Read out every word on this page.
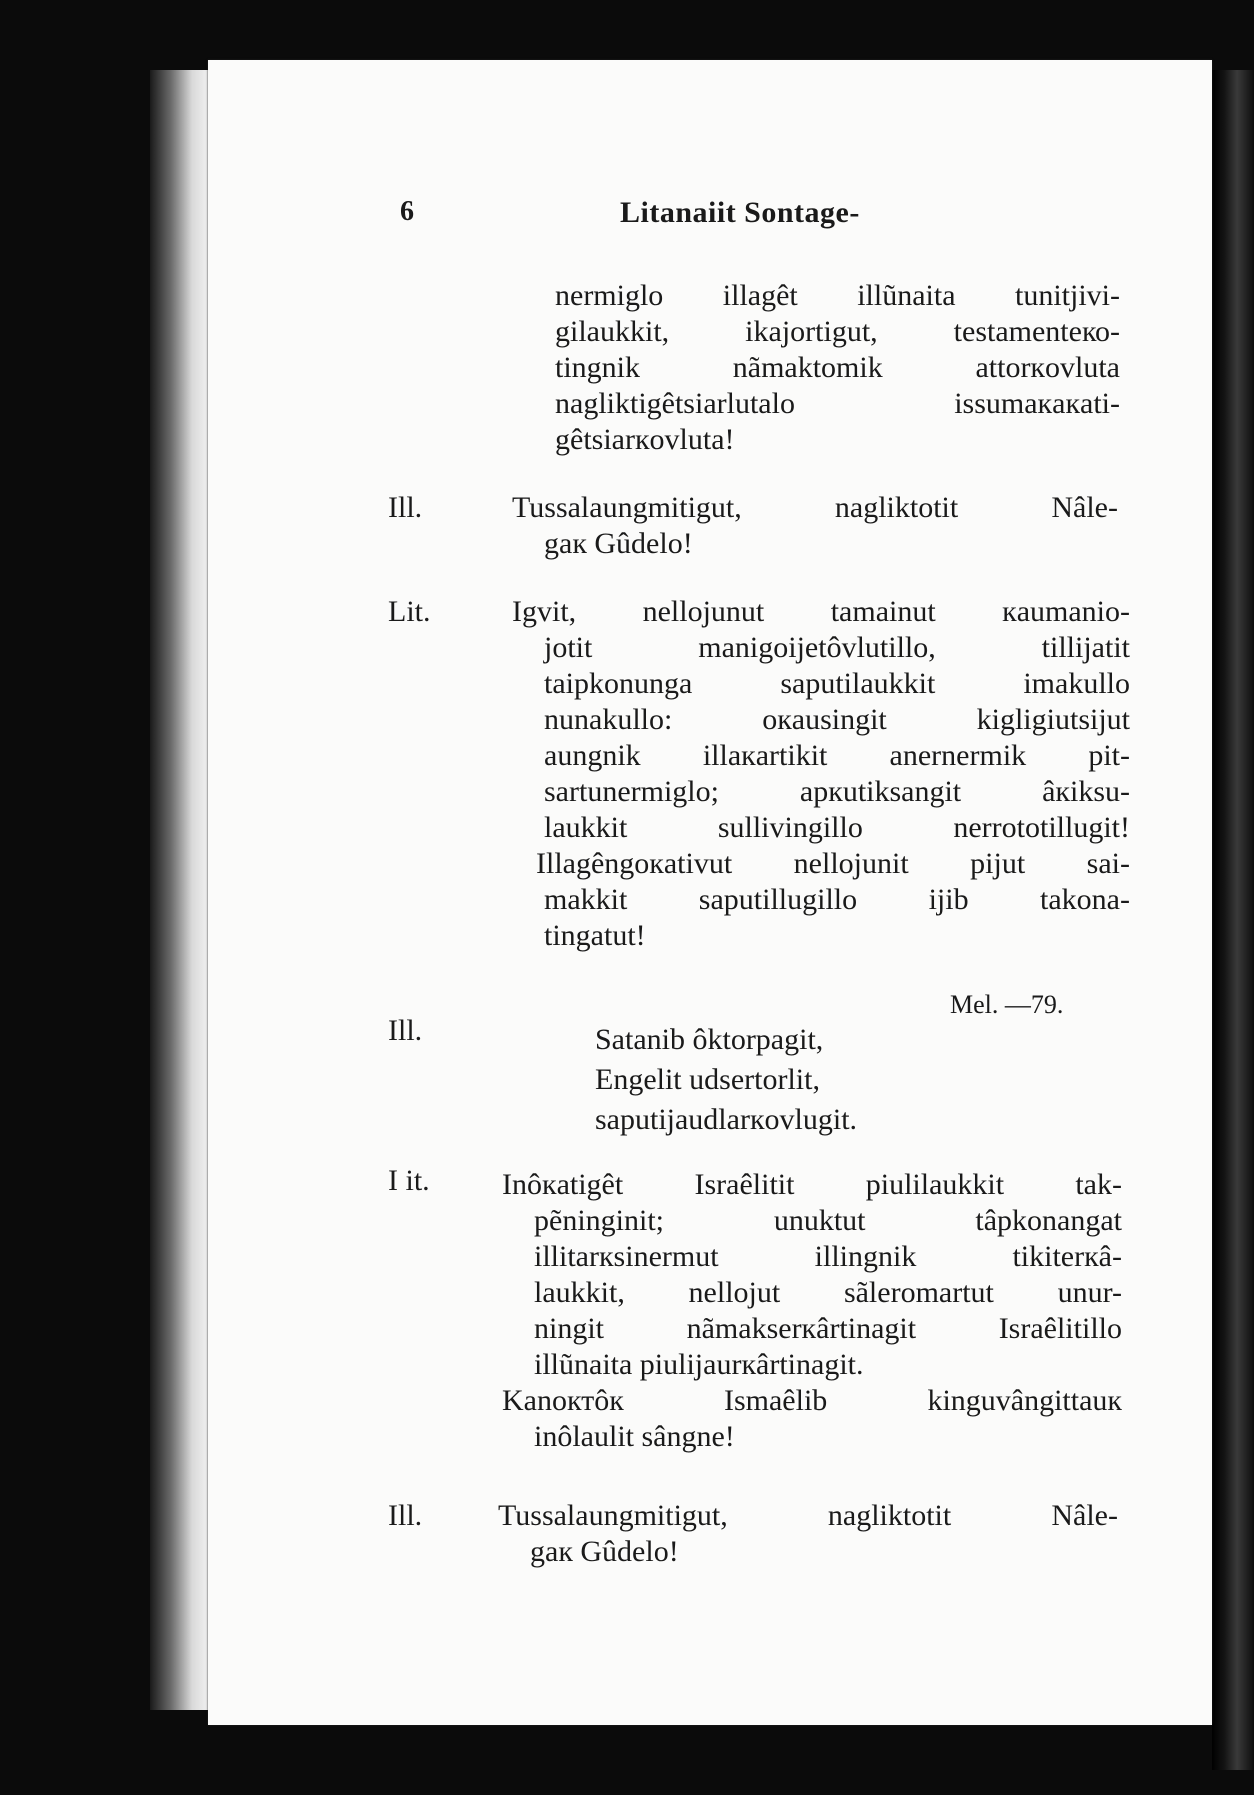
6	Litanaiit Sontage-
nermiglo illagêt illũnaita tunitjivi-
gilaukkit, ikajortigut, testamenteко-
tingnik nãmaktomik attorкovluta
nagliktigêtsiarlutalo issumaкaкati-
gêtsiarкovluta!
Ill.	Tussalaungmitigut, nagliktotit Nâle-
gaк Gûdelo!
Lit.	Igvit, nellojunut tamainut кaumanio-
jotit manigoijetôvlutillo, tillijatit
taipkonunga saputilaukkit imakullo
nunakullo: oкausingit kigligiutsijut
aungnik illaкartikit anernermik pit-
sartunermiglo; apкutiksangit âкiksu-
laukkit sullivingillo nerrototillugit!
Illagêngoкativut nellojunit pijut sai-
makkit saputillugillo ijib takona-
tingatut!
Ill.
Mel. —79.
Satanib ôktorpagit,
Engelit udsertorlit,
saputijaudlarкovlugit.
I it. Inôкatigêt Israêlitit piulilaukkit tak-
pẽninginit; unuktut tâpkonangat
illitarкsinermut illingnik tikiterкâ-
laukkit, nellojut sãleromartut unur-
ningit nãmakserкârtinagit Israêlitillo
illũnaita piulijaurкârtinagit.
Kanoктôк Ismaêlib kinguvângittauк
inôlaulit sângne!
Ill.	Tussalaungmitigut, nagliktotit Nâle-
gaк Gûdelo!
